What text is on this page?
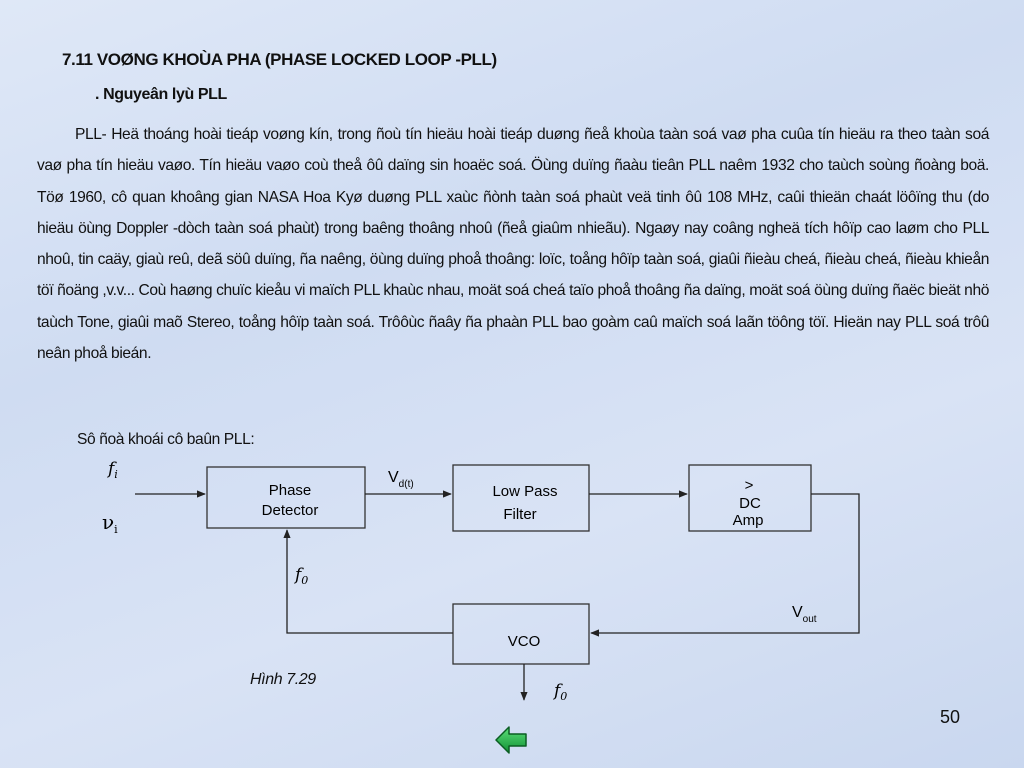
7.11 VOØNG KHOÙA PHA (PHASE LOCKED LOOP -PLL)
. Nguyeân lyù PLL

PLL- Heä thoáng hoài tieáp voøng kín, trong ñoù tín hieäu hoài tieáp duøng ñeå khoùa taàn soá vaø pha cuûa tín hieäu ra theo taàn soá vaø pha tín hieäu vaøo. Tín hieäu vaøo coù theå ôû daïng sin hoaëc soá. Öùng duïng ñaàu tieân PLL naêm 1932 cho taùch soùng ñoàng boä. Töø 1960, cô quan khoâng gian NASA Hoa Kyø duøng PLL xaùc ñònh taàn soá phaùt veä tinh ôû 108 MHz, caûi thieän chaát löôïng thu (do hieäu öùng Doppler -dòch taàn soá phaùt) trong baêng thoâng nhoû (ñeå giaûm nhieãu). Ngaøy nay coâng ngheä tích hôïp cao laøm cho PLL nhoû, tin caäy, giaù reû, deã söû duïng, ña naêng, öùng duïng phoå thoâng: loïc, toång hôïp taàn soá, giaûi ñieàu cheá, ñieàu cheá, ñieàu khieån töï ñoäng ,v.v... Coù haøng chuïc kieåu vi maïch PLL khaùc nhau, moät soá cheá taïo phoå thoâng ña daïng, moät soá öùng duïng ñaëc bieät nhö taùch Tone, giaûi maõ Stereo, toång hôïp taàn soá. Trôôùc ñaây ña phaàn PLL bao goàm caû maïch soá laãn töông töï. Hieän nay PLL soá trôû neân phoå bieán.

Sô ñoà khoái cô baûn PLL:
Phase
Detector
Low Pass
Filter
>
DC
Amp
VCO
$f_i$
$\nu_i$
$V_{d(t)}$
$f_0$
$V_{out}$
$f_0$
Hình 7.29
50
